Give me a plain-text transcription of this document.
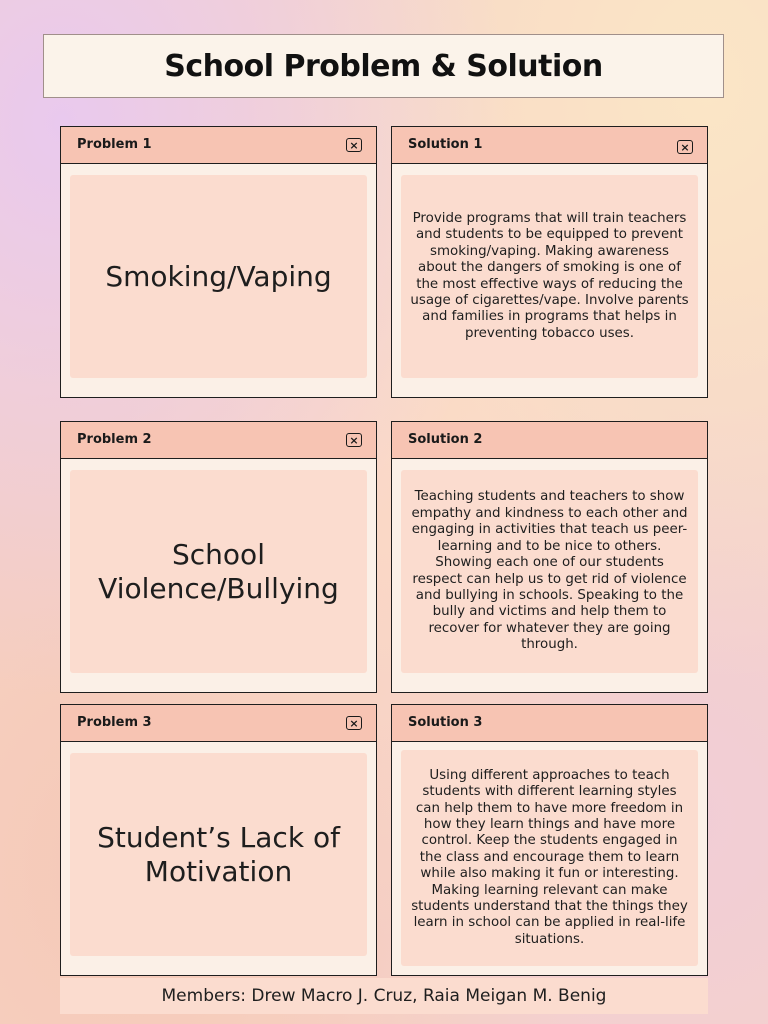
School Problem & Solution
Problem 1	×
Smoking/Vaping
Solution 1	×
Provide programs that will train teachers and students to be equipped to prevent smoking/vaping. Making awareness about the dangers of smoking is one of the most effective ways of reducing the usage of cigarettes/vape. Involve parents and families in programs that helps in preventing tobacco uses.
Problem 2	×
School Violence/Bullying
Solution 2
Teaching students and teachers to show empathy and kindness to each other and engaging in activities that teach us peer-learning and to be nice to others. Showing each one of our students respect can help us to get rid of violence and bullying in schools. Speaking to the bully and victims and help them to recover for whatever they are going through.
Problem 3	×
Student’s Lack of Motivation
Solution 3
Using different approaches to teach students with different learning styles can help them to have more freedom in how they learn things and have more control. Keep the students engaged in the class and encourage them to learn while also making it fun or interesting. Making learning relevant can make students understand that the things they learn in school can be applied in real-life situations.
Members: Drew Macro J. Cruz, Raia Meigan M. Benig
